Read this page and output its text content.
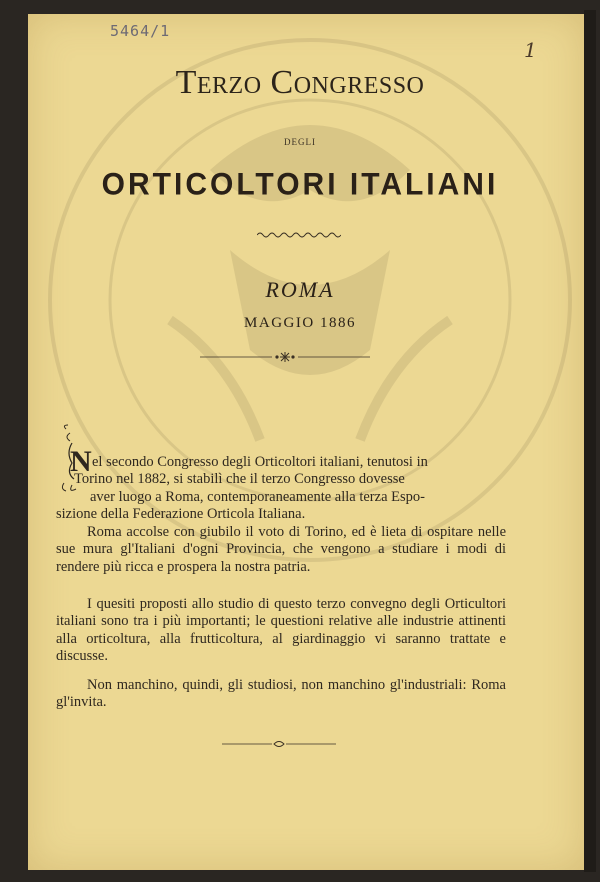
5464/1
1
Terzo Congresso
DEGLI
ORTICOLTORI ITALIANI
ROMA
MAGGIO 1886
N el secondo Congresso degli Orticoltori italiani, tenutosi in
Torino nel 1882, si stabilì che il terzo Congresso dovesse
aver luogo a Roma, contemporaneamente alla terza Espo-
sizione della Federazione Orticola Italiana.

Roma accolse con giubilo il voto di Torino, ed è lieta di ospitare nelle sue mura gl'Italiani d'ogni Provincia, che vengono a studiare i modi di rendere più ricca e prospera la nostra patria.

I quesiti proposti allo studio di questo terzo convegno degli Orticultori italiani sono tra i più importanti; le questioni relative alle industrie attinenti alla orticoltura, alla frutticoltura, al giardinaggio vi saranno trattate e discusse.

Non manchino, quindi, gli studiosi, non manchino gl'industriali: Roma gl'invita.
